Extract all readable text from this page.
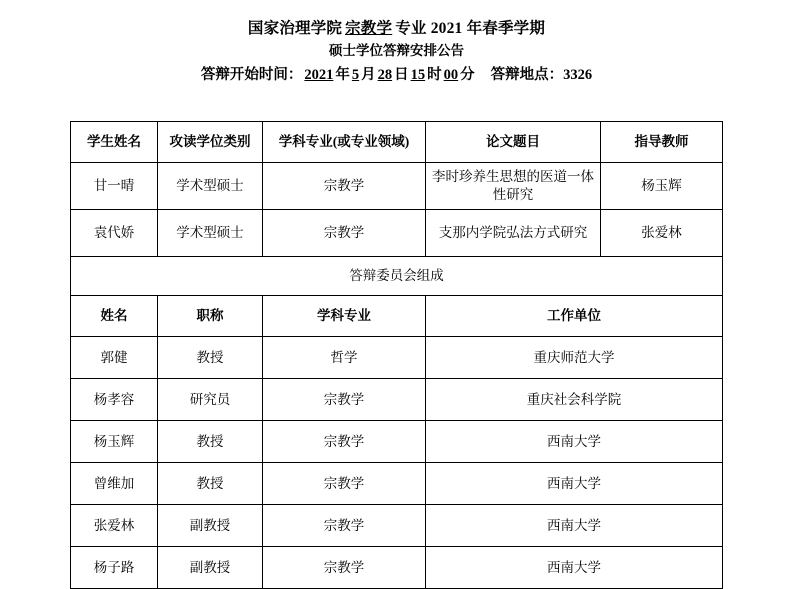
国家治理学院 宗教学 专业 2021 年春季学期
硕士学位答辩安排公告
答辩开始时间： 2021 年 5 月 28 日 15 时 00 分 答辩地点：3326
学生姓名	攻读学位类别	学科专业(或专业领域)	论文题目	指导教师
甘一晴	学术型硕士	宗教学	李时珍养生思想的医道一体性研究	杨玉辉
袁代娇	学术型硕士	宗教学	支那内学院弘法方式研究	张爱林
答辩委员会组成				
姓名	职称	学科专业	工作单位	
郭健	教授	哲学	重庆师范大学	
杨孝容	研究员	宗教学	重庆社会科学院	
杨玉辉	教授	宗教学	西南大学	
曾维加	教授	宗教学	西南大学	
张爱林	副教授	宗教学	西南大学	
杨子路	副教授	宗教学	西南大学	
